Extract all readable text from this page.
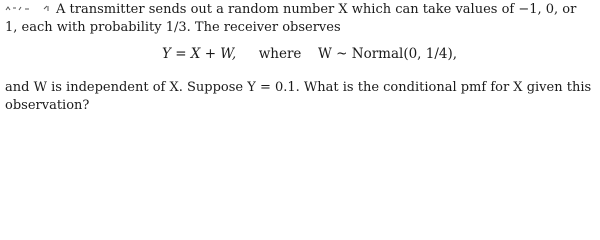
A transmitter sends out a random number X which can take values of −1, 0, or
1, each with probability 1/3. The receiver observes
Y = X + W, where W ~ Normal(0, 1/4),
and W is independent of X. Suppose Y = 0.1. What is the conditional pmf for X given this
observation?
